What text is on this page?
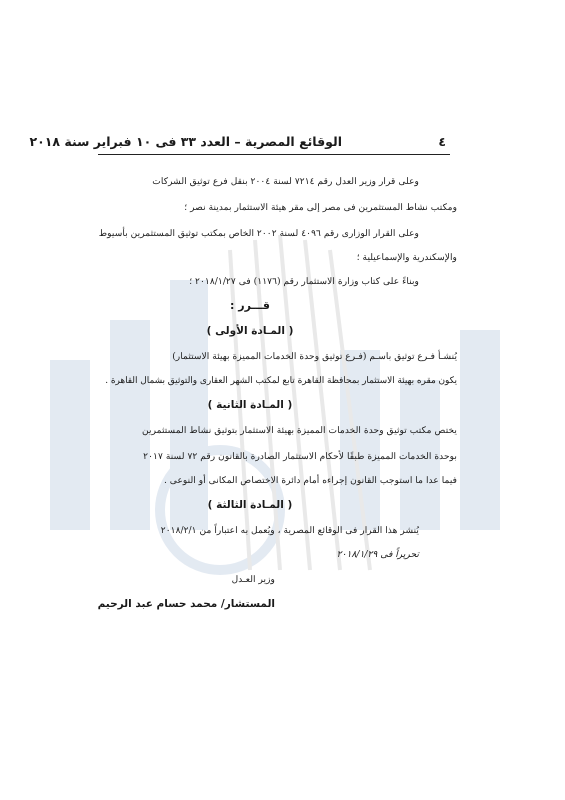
٤
الوقائع المصرية – العدد ٣٣ فى ١٠ فبراير سنة ٢٠١٨
وعلى قرار وزير العدل رقم ٧٢١٤ لسنة ٢٠٠٤ بنقل فرع توثيق الشركات
ومكتب نشاط المستثمرين فى مصر إلى مقر هيئة الاستثمار بمدينة نصر ؛
وعلى القرار الوزارى رقم ٤٠٩٦ لسنة ٢٠٠٢ الخاص بمكتب توثيق المستثمرين بأسيوط
والإسكندرية والإسماعيلية ؛
وبناءً على كتاب وزارة الاستثمار رقم (١١٧٦) فى ٢٠١٨/١/٢٧ ؛
قـــرر :
( المـادة الأولى )
يُنشـأ فـرع توثيق باسـم (فـرع توثيق وحدة الخدمات المميزة بهيئة الاستثمار)
يكون مقره بهيئة الاستثمار بمحافظة القاهرة تابع لمكتب الشهر العقارى والتوثيق بشمال القاهرة .
( المـادة الثانية )
يختص مكتب توثيق وحدة الخدمات المميزة بهيئة الاستثمار بتوثيق نشاط المستثمرين
بوحدة الخدمات المميزة طبقًا لأحكام الاستثمار الصادرة بالقانون رقم ٧٢ لسنة ٢٠١٧
فيما عدا ما استوجب القانون إجراءه أمام دائرة الاختصاص المكانى أو النوعى .
( المـادة الثالثة )
يُنشر هذا القرار فى الوقائع المصرية ، ويُعمل به اعتباراً من ٢٠١٨/٢/١
تحريراً فى ٢٠١٨/١/٢٩
وزير العـدل
المستشار/ محمد حسام عبد الرحيم
